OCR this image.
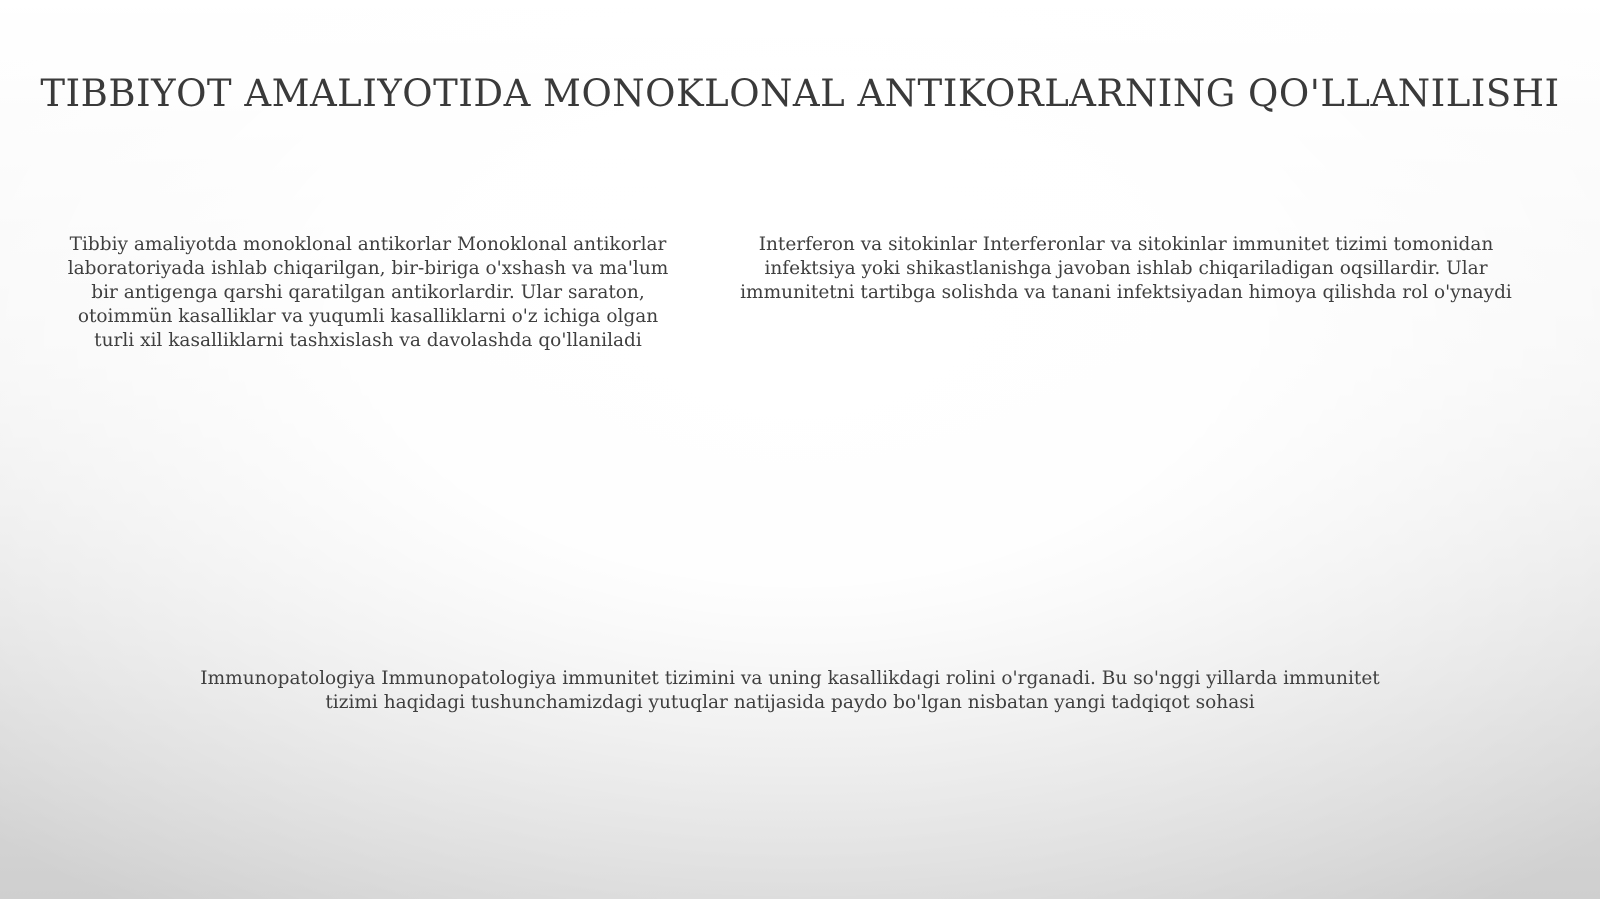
TIBBIYOT AMALIYOTIDA MONOKLONAL ANTIKORLARNING QO'LLANILISHI
Tibbiy amaliyotda monoklonal antikorlar Monoklonal antikorlar laboratoriyada ishlab chiqarilgan, bir-biriga o'xshash va ma'lum bir antigenga qarshi qaratilgan antikorlardir. Ular saraton, otoimmün kasalliklar va yuqumli kasalliklarni o'z ichiga olgan turli xil kasalliklarni tashxislash va davolashda qo'llaniladi
Interferon va sitokinlar Interferonlar va sitokinlar immunitet tizimi tomonidan infektsiya yoki shikastlanishga javoban ishlab chiqariladigan oqsillardir. Ular immunitetni tartibga solishda va tanani infektsiyadan himoya qilishda rol o'ynaydi
Immunopatologiya Immunopatologiya immunitet tizimini va uning kasallikdagi rolini o'rganadi. Bu so'nggi yillarda immunitet tizimi haqidagi tushunchamizdagi yutuqlar natijasida paydo bo'lgan nisbatan yangi tadqiqot sohasi
